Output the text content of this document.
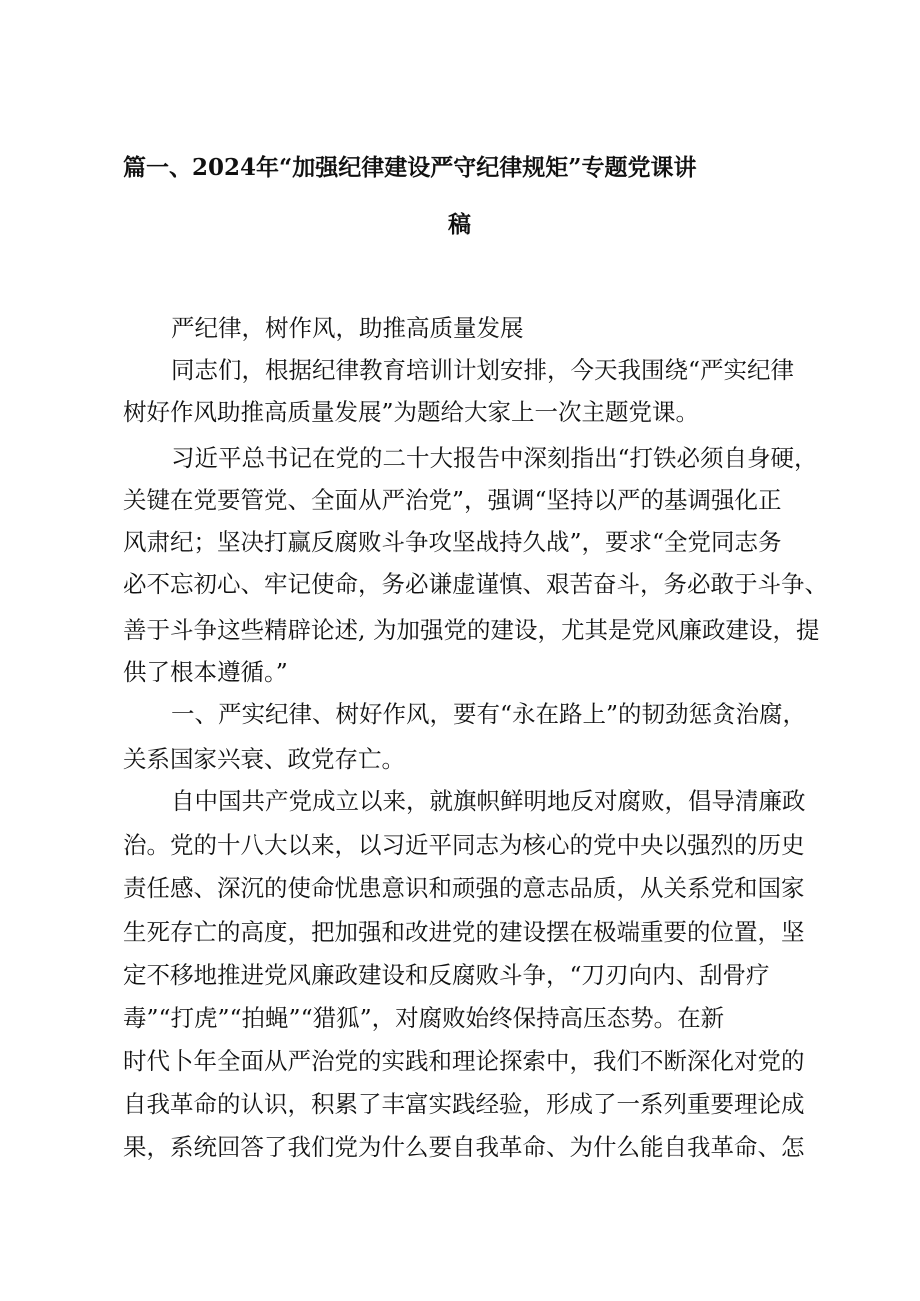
篇一、2024年“加强纪律建设严守纪律规矩”专题党课讲
稿
严纪律，树作风，助推高质量发展
同志们，根据纪律教育培训计划安排，今天我围绕“严实纪律
树好作风助推高质量发展”为题给大家上一次主题党课。
习近平总书记在党的二十大报告中深刻指出“打铁必须自身硬，
关键在党要管党、全面从严治党”，强调“坚持以严的基调强化正
风肃纪；坚决打赢反腐败斗争攻坚战持久战”，要求“全党同志务
必不忘初心、牢记使命，务必谦虚谨慎、艰苦奋斗，务必敢于斗争、
善于斗争这些精辟论述, 为加强党的建设，尤其是党风廉政建设，提
供了根本遵循。”
一、严实纪律、树好作风，要有“永在路上”的韧劲惩贪治腐，
关系国家兴衰、政党存亡。
自中国共产党成立以来，就旗帜鲜明地反对腐败，倡导清廉政
治。党的十八大以来，以习近平同志为核心的党中央以强烈的历史
责任感、深沉的使命忧患意识和顽强的意志品质，从关系党和国家
生死存亡的高度，把加强和改进党的建设摆在极端重要的位置，坚
定不移地推进党风廉政建设和反腐败斗争，“刀刃向内、刮骨疗
毒”“打虎”“拍蝇”“猎狐”，对腐败始终保持高压态势。在新
时代卜年全面从严治党的实践和理论探索中，我们不断深化对党的
自我革命的认识，积累了丰富实践经验，形成了一系列重要理论成
果，系统回答了我们党为什么要自我革命、为什么能自我革命、怎
